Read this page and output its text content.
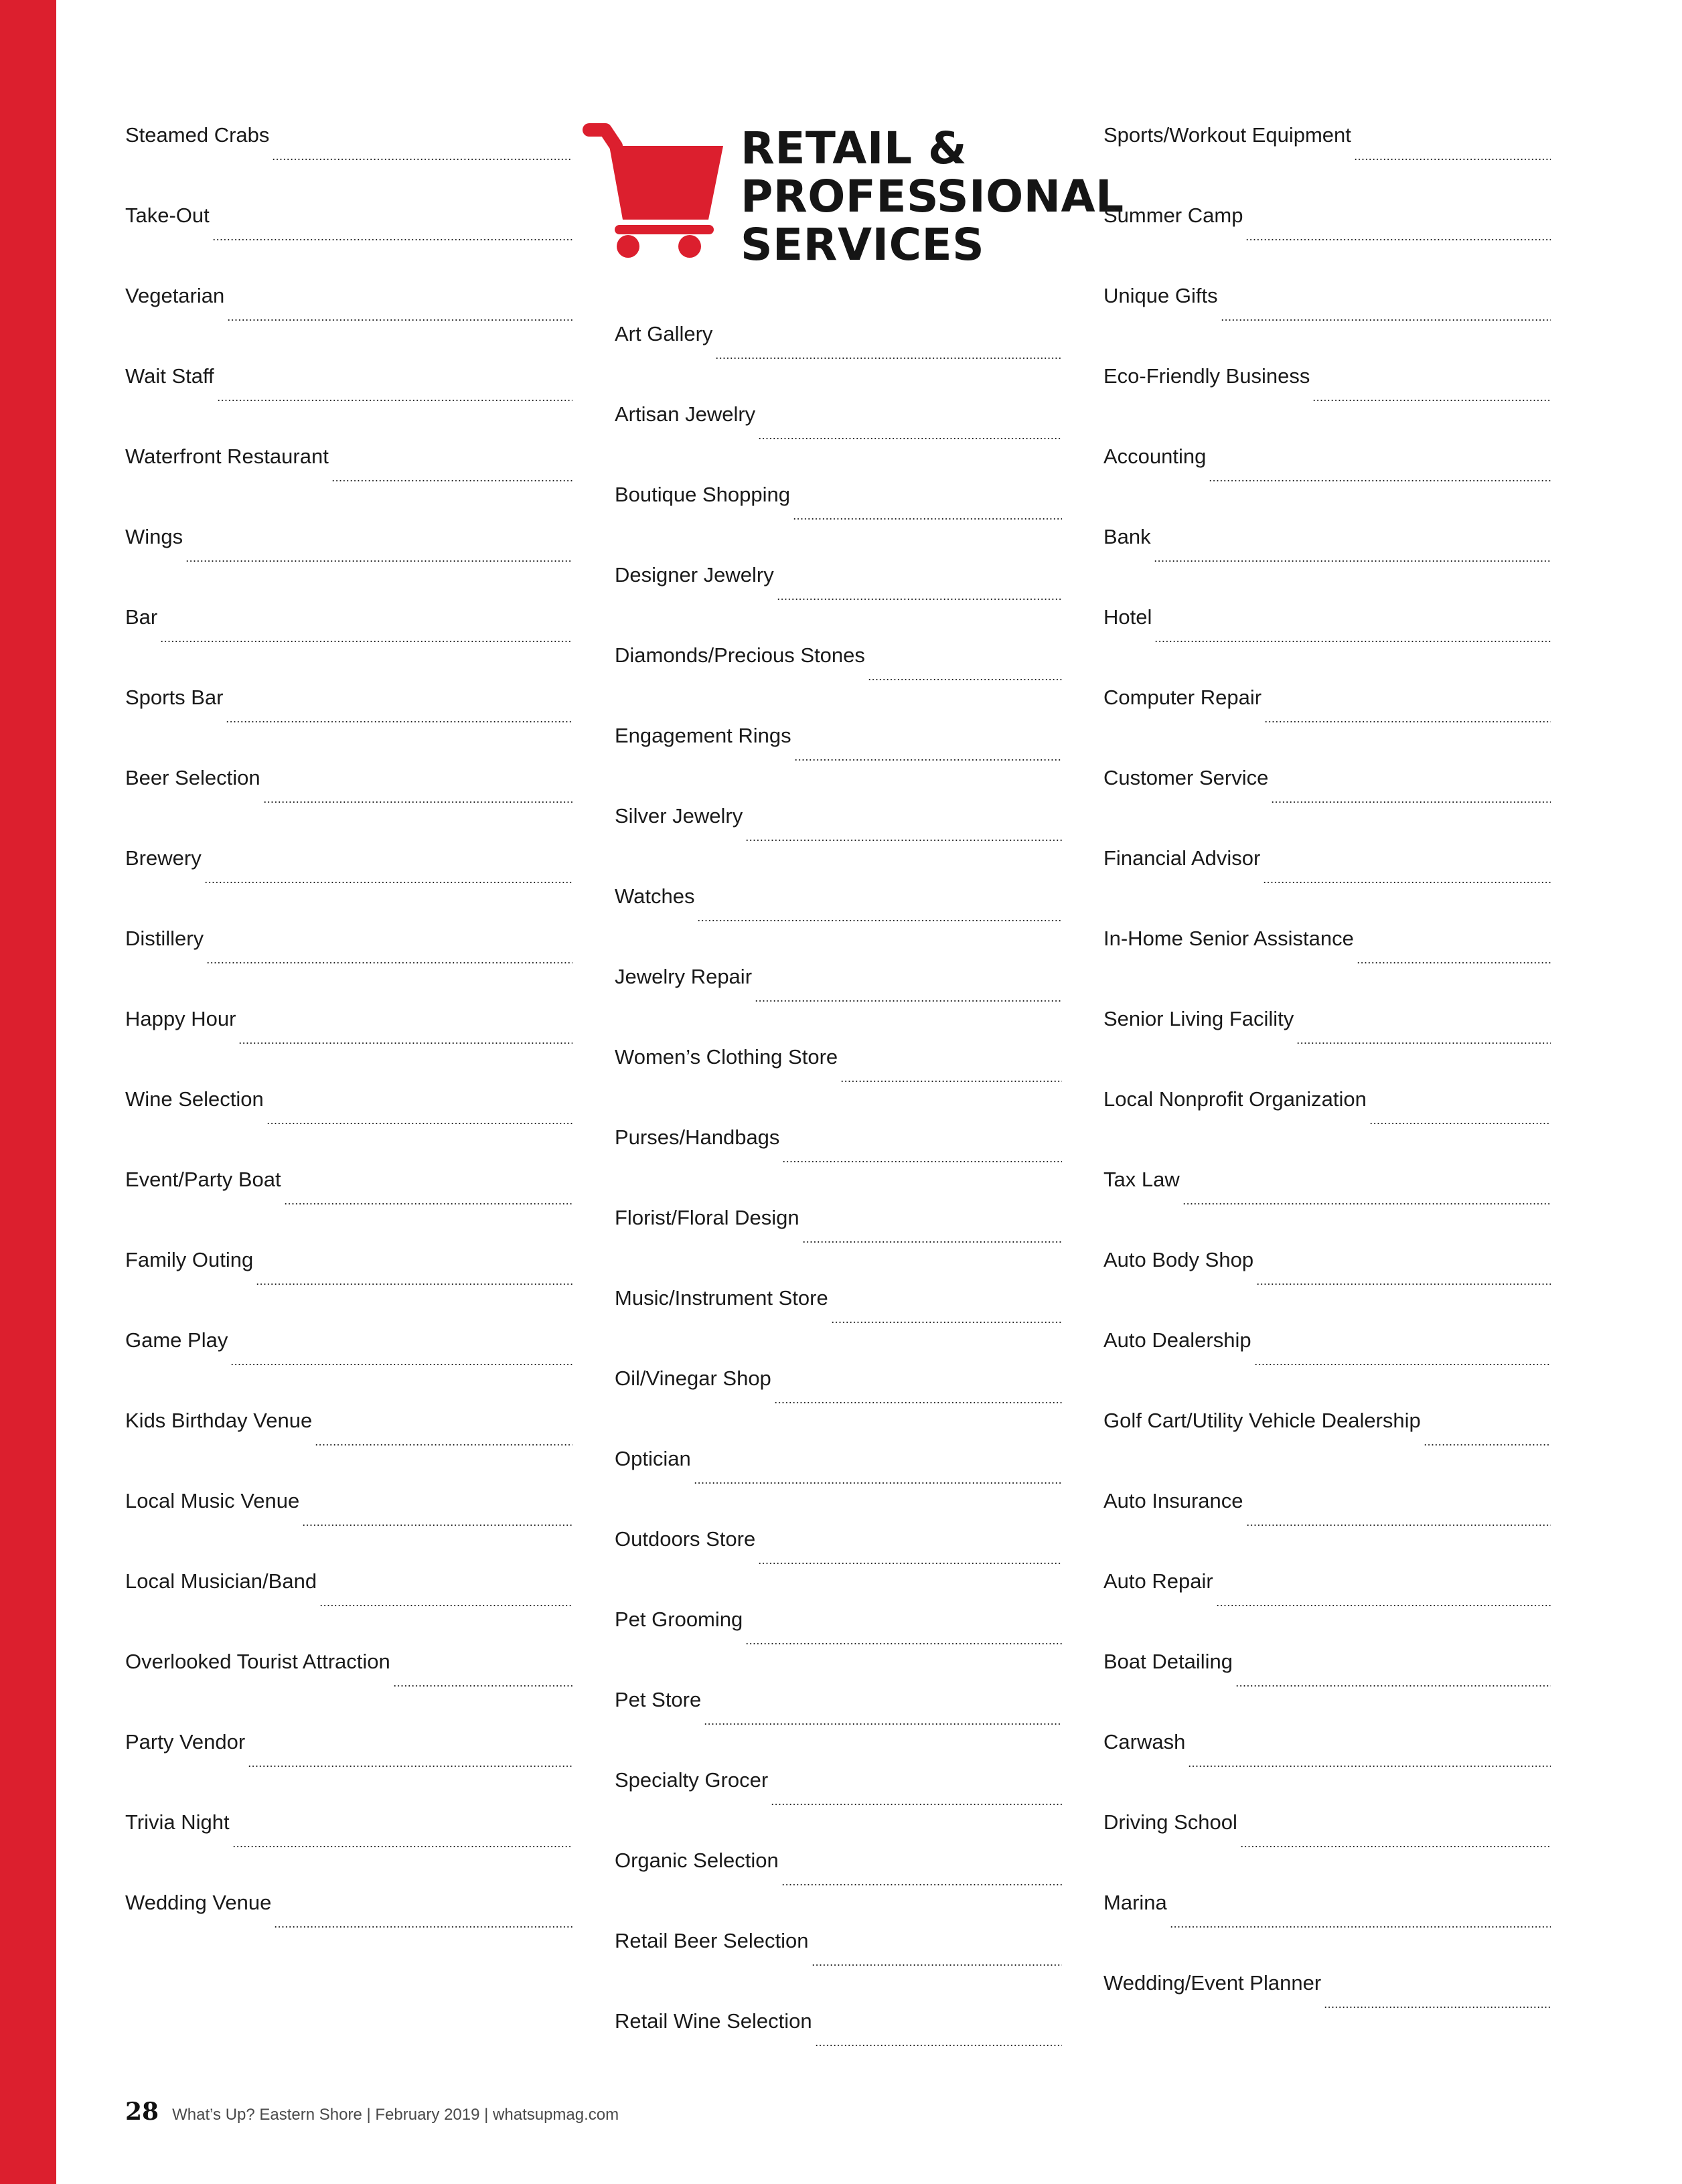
RETAIL &
PROFESSIONAL
SERVICES
Steamed Crabs
Take-Out
Vegetarian
Wait Staff
Waterfront Restaurant
Wings
Bar
Sports Bar
Beer Selection
Brewery
Distillery
Happy Hour
Wine Selection
Event/Party Boat
Family Outing
Game Play
Kids Birthday Venue
Local Music Venue
Local Musician/Band
Overlooked Tourist Attraction
Party Vendor
Trivia Night
Wedding Venue
Art Gallery
Artisan Jewelry
Boutique Shopping
Designer Jewelry
Diamonds/Precious Stones
Engagement Rings
Silver Jewelry
Watches
Jewelry Repair
Women’s Clothing Store
Purses/Handbags
Florist/Floral Design
Music/Instrument Store
Oil/Vinegar Shop
Optician
Outdoors Store
Pet Grooming
Pet Store
Specialty Grocer
Organic Selection
Retail Beer Selection
Retail Wine Selection
Sports/Workout Equipment
Summer Camp
Unique Gifts
Eco-Friendly Business
Accounting
Bank
Hotel
Computer Repair
Customer Service
Financial Advisor
In-Home Senior Assistance
Senior Living Facility
Local Nonprofit Organization
Tax Law
Auto Body Shop
Auto Dealership
Golf Cart/Utility Vehicle Dealership
Auto Insurance
Auto Repair
Boat Detailing
Carwash
Driving School
Marina
Wedding/Event Planner
28 What’s Up? Eastern Shore | February 2019 | whatsupmag.com
